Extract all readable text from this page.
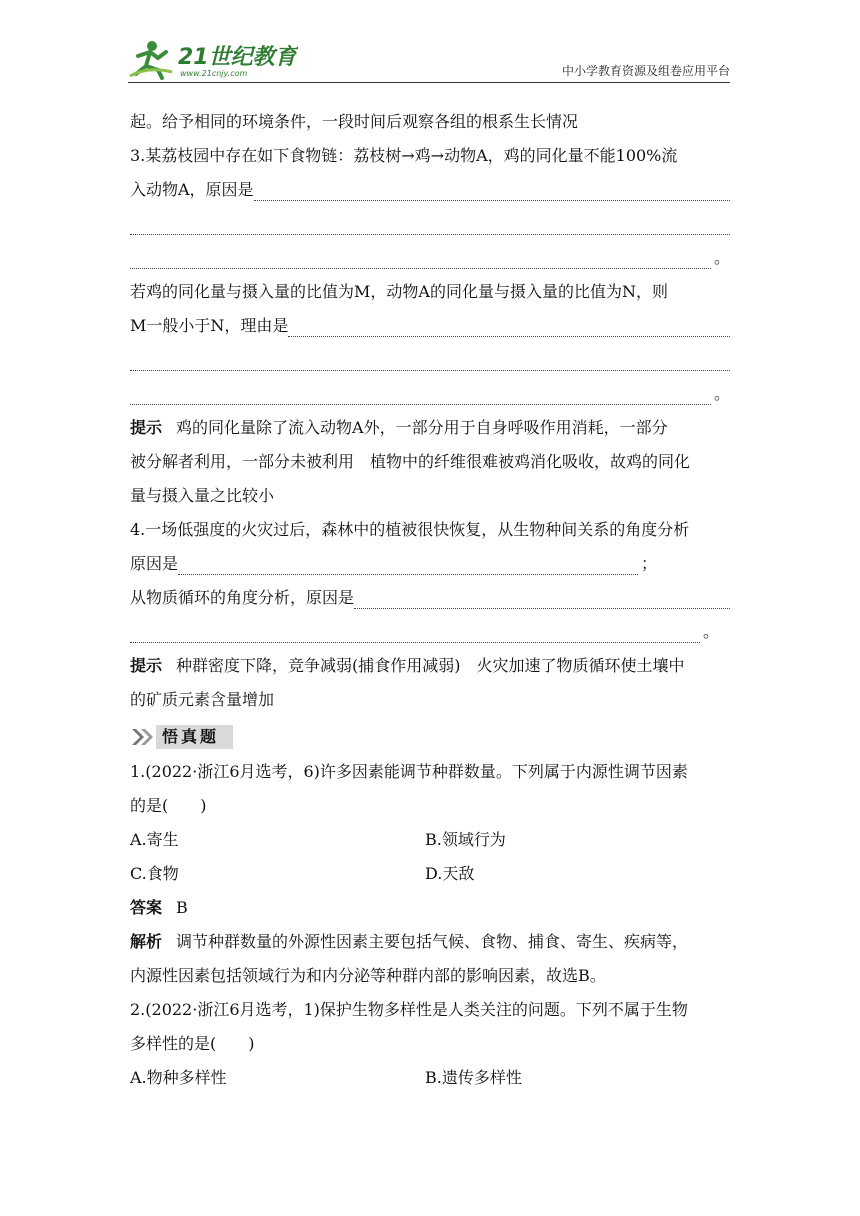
21世纪教育
www.21cnjy.com	中小学教育资源及组卷应用平台
起。给予相同的环境条件，一段时间后观察各组的根系生长情况
3.某荔枝园中存在如下食物链：荔枝树→鸡→动物A，鸡的同化量不能100%流
入动物A，原因是
。
若鸡的同化量与摄入量的比值为M，动物A的同化量与摄入量的比值为N，则
M一般小于N，理由是
。
提示 鸡的同化量除了流入动物A外，一部分用于自身呼吸作用消耗，一部分
被分解者利用，一部分未被利用　植物中的纤维很难被鸡消化吸收，故鸡的同化
量与摄入量之比较小
4.一场低强度的火灾过后，森林中的植被很快恢复，从生物种间关系的角度分析
原因是	；
从物质循环的角度分析，原因是
。
提示 种群密度下降，竞争减弱(捕食作用减弱)　火灾加速了物质循环使土壤中
的矿质元素含量增加
悟真题
1.(2022·浙江6月选考，6)许多因素能调节种群数量。下列属于内源性调节因素
的是(　　)
A.寄生	B.领域行为
C.食物	D.天敌
答案 B
解析 调节种群数量的外源性因素主要包括气候、食物、捕食、寄生、疾病等，
内源性因素包括领域行为和内分泌等种群内部的影响因素，故选B。
2.(2022·浙江6月选考，1)保护生物多样性是人类关注的问题。下列不属于生物
多样性的是(　　)
A.物种多样性	B.遗传多样性
